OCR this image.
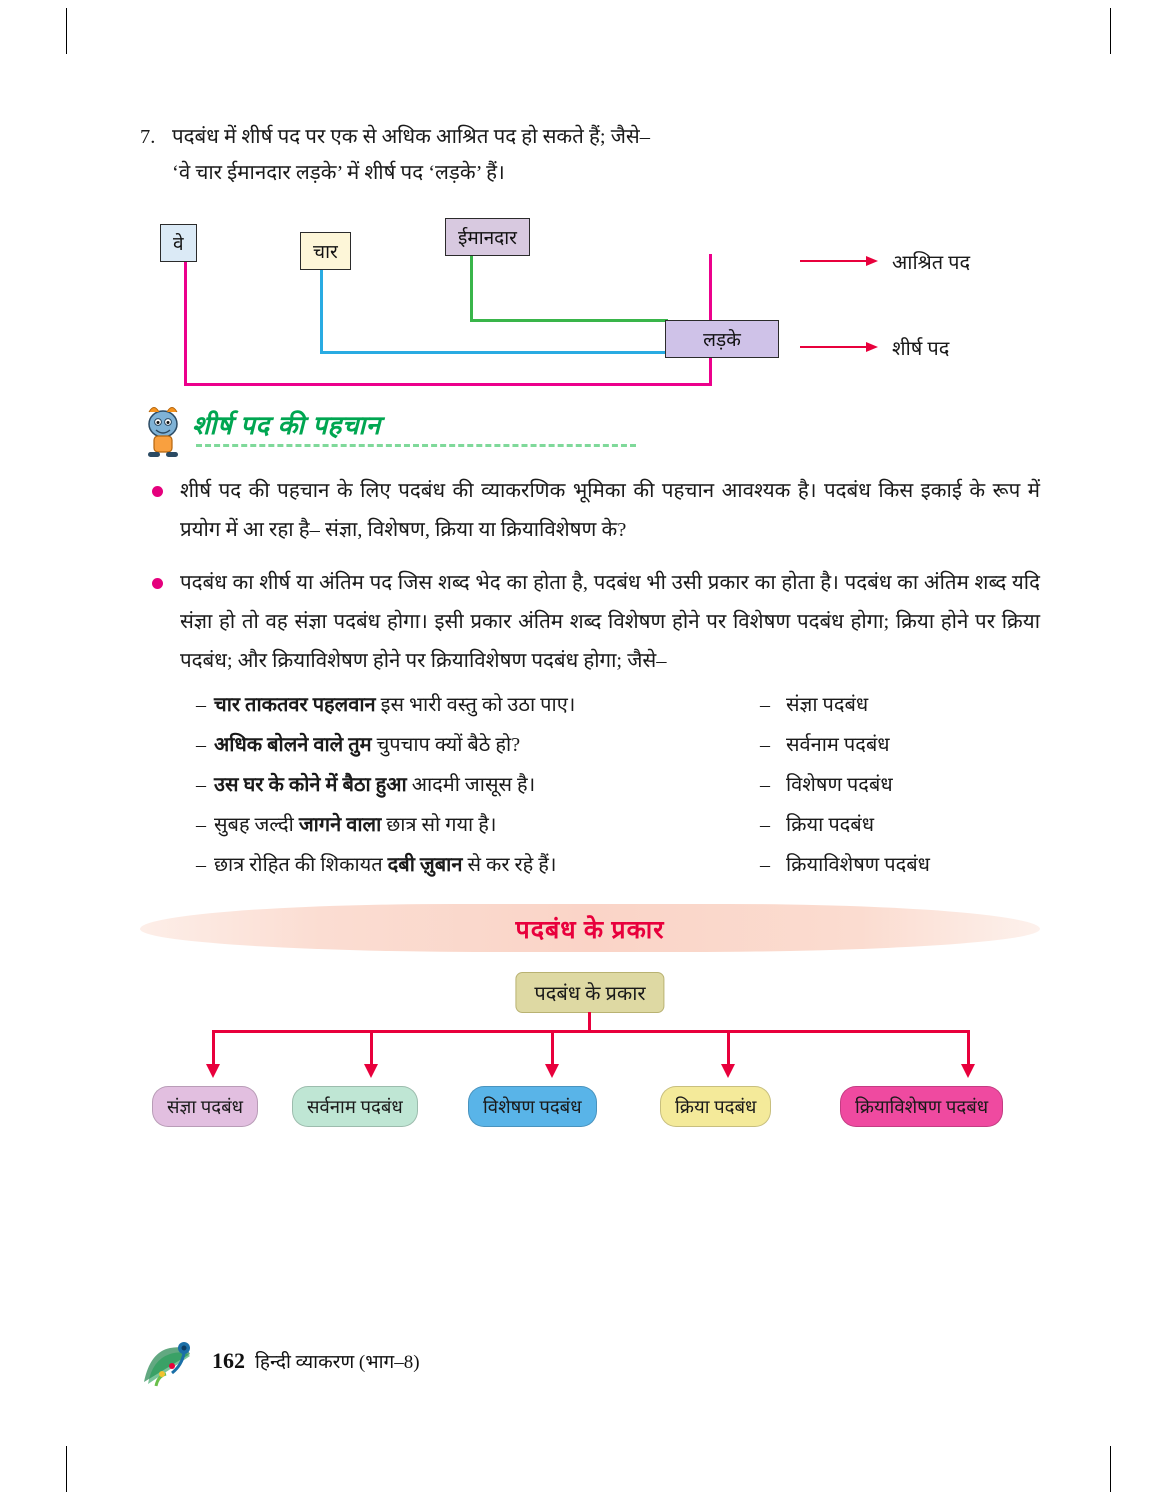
7. पदबंध में शीर्ष पद पर एक से अधिक आश्रित पद हो सकते हैं; जैसे–
‘वे चार ईमानदार लड़के’ में शीर्ष पद ‘लड़के’ हैं।
वे	चार
ईमानदार
लड़के
आश्रित पद
शीर्ष पद
शीर्ष पद की पहचान
शीर्ष पद की पहचान के लिए पदबंध की व्याकरणिक भूमिका की पहचान आवश्यक है। पदबंध किस इकाई के रूप में प्रयोग में आ रहा है– संज्ञा, विशेषण, क्रिया या क्रियाविशेषण के?
पदबंध का शीर्ष या अंतिम पद जिस शब्द भेद का होता है, पदबंध भी उसी प्रकार का होता है। पदबंध का अंतिम शब्द यदि संज्ञा हो तो वह संज्ञा पदबंध होगा। इसी प्रकार अंतिम शब्द विशेषण होने पर विशेषण पदबंध होगा; क्रिया होने पर क्रिया पदबंध; और क्रियाविशेषण होने पर क्रियाविशेषण पदबंध होगा; जैसे–
– चार ताकतवर पहलवान इस भारी वस्तु को उठा पाए।	– संज्ञा पदबंध
– अधिक बोलने वाले तुम चुपचाप क्यों बैठे हो?	– सर्वनाम पदबंध
– उस घर के कोने में बैठा हुआ आदमी जासूस है।	– विशेषण पदबंध
– सुबह जल्दी जागने वाला छात्र सो गया है।	– क्रिया पदबंध
– छात्र रोहित की शिकायत दबी ज़ुबान से कर रहे हैं।	– क्रियाविशेषण पदबंध
पदबंध के प्रकार
पदबंध के प्रकार
संज्ञा पदबंध	सर्वनाम पदबंध	विशेषण पदबंध	क्रिया पदबंध	क्रियाविशेषण पदबंध
162 हिन्दी व्याकरण (भाग–8)
